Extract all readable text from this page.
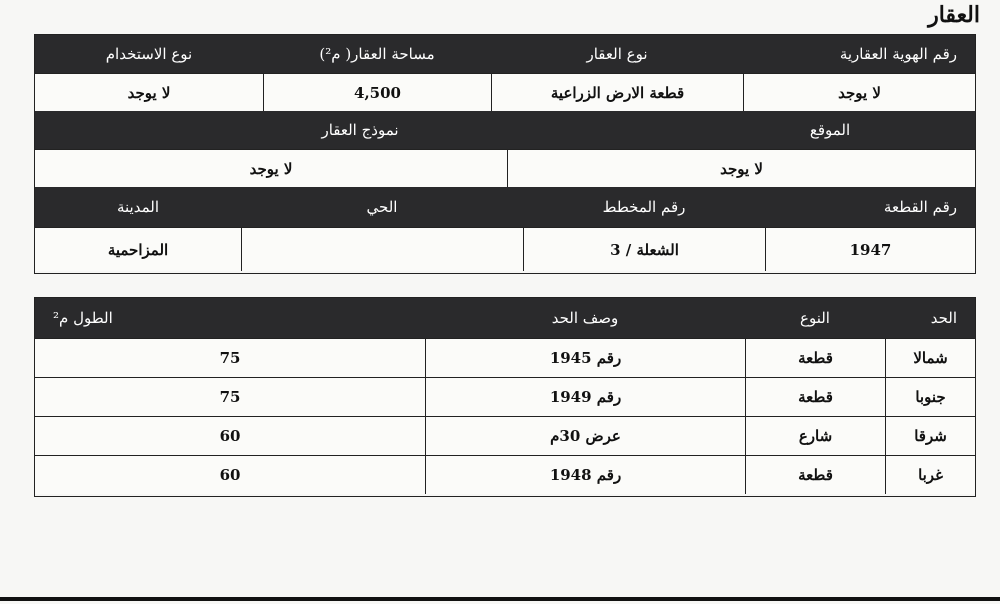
العقار
رقم الهوية العقارية
نوع العقار
مساحة العقار( م²)
نوع الاستخدام
لا يوجد
قطعة الارض الزراعية
4,500
لا يوجد
الموقع
نموذج العقار
لا يوجد
لا يوجد
رقم القطعة
رقم المخطط
الحي
المدينة
1947
الشعلة / 3
المزاحمية
الحد
النوع
وصف الحد
الطول م²
شمالا
قطعة
رقم 1945
75
جنوبا
قطعة
رقم 1949
75
شرقا
شارع
عرض 30م
60
غربا
قطعة
رقم 1948
60
